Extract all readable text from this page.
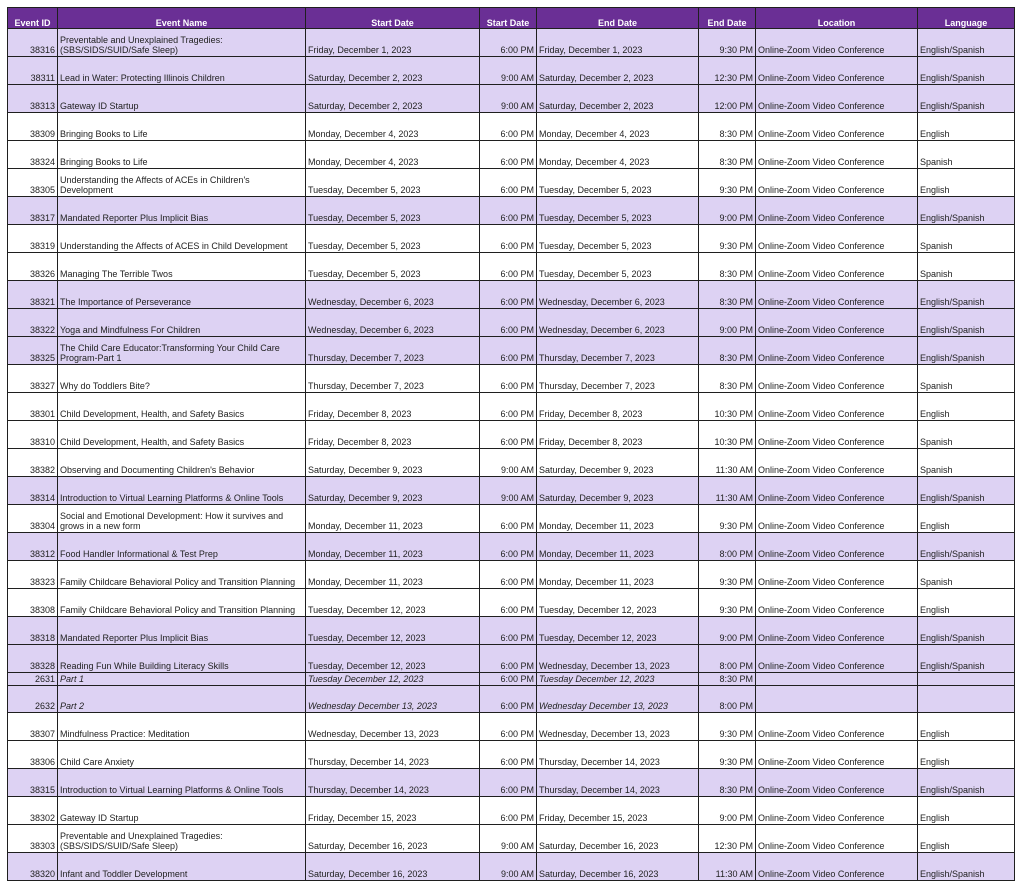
Event ID	Event Name	Start Date	Start Date	End Date	End Date	Location	Language
38316	Preventable and Unexplained Tragedies: (SBS/SIDS/SUID/Safe Sleep)	Friday, December 1, 2023	6:00 PM	Friday, December 1, 2023	9:30 PM	Online-Zoom Video Conference	English/Spanish
38311	Lead in Water: Protecting Illinois Children	Saturday, December 2, 2023	9:00 AM	Saturday, December 2, 2023	12:30 PM	Online-Zoom Video Conference	English/Spanish
38313	Gateway ID Startup	Saturday, December 2, 2023	9:00 AM	Saturday, December 2, 2023	12:00 PM	Online-Zoom Video Conference	English/Spanish
38309	Bringing Books to Life	Monday, December 4, 2023	6:00 PM	Monday, December 4, 2023	8:30 PM	Online-Zoom Video Conference	English
38324	Bringing Books to Life	Monday, December 4, 2023	6:00 PM	Monday, December 4, 2023	8:30 PM	Online-Zoom Video Conference	Spanish
38305	Understanding the Affects of ACEs in Children's Development	Tuesday, December 5, 2023	6:00 PM	Tuesday, December 5, 2023	9:30 PM	Online-Zoom Video Conference	English
38317	Mandated Reporter Plus Implicit Bias	Tuesday, December 5, 2023	6:00 PM	Tuesday, December 5, 2023	9:00 PM	Online-Zoom Video Conference	English/Spanish
38319	Understanding the Affects of ACES in Child Development	Tuesday, December 5, 2023	6:00 PM	Tuesday, December 5, 2023	9:30 PM	Online-Zoom Video Conference	Spanish
38326	Managing The Terrible Twos	Tuesday, December 5, 2023	6:00 PM	Tuesday, December 5, 2023	8:30 PM	Online-Zoom Video Conference	Spanish
38321	The Importance of Perseverance	Wednesday, December 6, 2023	6:00 PM	Wednesday, December 6, 2023	8:30 PM	Online-Zoom Video Conference	English/Spanish
38322	Yoga and Mindfulness For Children	Wednesday, December 6, 2023	6:00 PM	Wednesday, December 6, 2023	9:00 PM	Online-Zoom Video Conference	English/Spanish
38325	The Child Care Educator:Transforming Your Child Care Program-Part 1	Thursday, December 7, 2023	6:00 PM	Thursday, December 7, 2023	8:30 PM	Online-Zoom Video Conference	English/Spanish
38327	Why do Toddlers Bite?	Thursday, December 7, 2023	6:00 PM	Thursday, December 7, 2023	8:30 PM	Online-Zoom Video Conference	Spanish
38301	Child Development, Health, and Safety Basics	Friday, December 8, 2023	6:00 PM	Friday, December 8, 2023	10:30 PM	Online-Zoom Video Conference	English
38310	Child Development, Health, and Safety Basics	Friday, December 8, 2023	6:00 PM	Friday, December 8, 2023	10:30 PM	Online-Zoom Video Conference	Spanish
38382	Observing and Documenting Children's Behavior	Saturday, December 9, 2023	9:00 AM	Saturday, December 9, 2023	11:30 AM	Online-Zoom Video Conference	Spanish
38314	Introduction to Virtual Learning Platforms & Online Tools	Saturday, December 9, 2023	9:00 AM	Saturday, December 9, 2023	11:30 AM	Online-Zoom Video Conference	English/Spanish
38304	Social and Emotional Development: How it survives and grows in a new form	Monday, December 11, 2023	6:00 PM	Monday, December 11, 2023	9:30 PM	Online-Zoom Video Conference	English
38312	Food Handler Informational & Test Prep	Monday, December 11, 2023	6:00 PM	Monday, December 11, 2023	8:00 PM	Online-Zoom Video Conference	English/Spanish
38323	Family Childcare Behavioral Policy and Transition Planning	Monday, December 11, 2023	6:00 PM	Monday, December 11, 2023	9:30 PM	Online-Zoom Video Conference	Spanish
38308	Family Childcare Behavioral Policy and Transition Planning	Tuesday, December 12, 2023	6:00 PM	Tuesday, December 12, 2023	9:30 PM	Online-Zoom Video Conference	English
38318	Mandated Reporter Plus Implicit Bias	Tuesday, December 12, 2023	6:00 PM	Tuesday, December 12, 2023	9:00 PM	Online-Zoom Video Conference	English/Spanish
38328	Reading Fun While Building Literacy Skills	Tuesday, December 12, 2023	6:00 PM	Wednesday, December 13, 2023	8:00 PM	Online-Zoom Video Conference	English/Spanish
2631	Part 1	Tuesday December 12, 2023	6:00 PM	Tuesday December 12, 2023	8:30 PM		
2632	Part 2	Wednesday December 13, 2023	6:00 PM	Wednesday December 13, 2023	8:00 PM		
38307	Mindfulness Practice: Meditation	Wednesday, December 13, 2023	6:00 PM	Wednesday, December 13, 2023	9:30 PM	Online-Zoom Video Conference	English
38306	Child Care Anxiety	Thursday, December 14, 2023	6:00 PM	Thursday, December 14, 2023	9:30 PM	Online-Zoom Video Conference	English
38315	Introduction to Virtual Learning Platforms & Online Tools	Thursday, December 14, 2023	6:00 PM	Thursday, December 14, 2023	8:30 PM	Online-Zoom Video Conference	English/Spanish
38302	Gateway ID Startup	Friday, December 15, 2023	6:00 PM	Friday, December 15, 2023	9:00 PM	Online-Zoom Video Conference	English
38303	Preventable and Unexplained Tragedies: (SBS/SIDS/SUID/Safe Sleep)	Saturday, December 16, 2023	9:00 AM	Saturday, December 16, 2023	12:30 PM	Online-Zoom Video Conference	English
38320	Infant and Toddler Development	Saturday, December 16, 2023	9:00 AM	Saturday, December 16, 2023	11:30 AM	Online-Zoom Video Conference	English/Spanish
